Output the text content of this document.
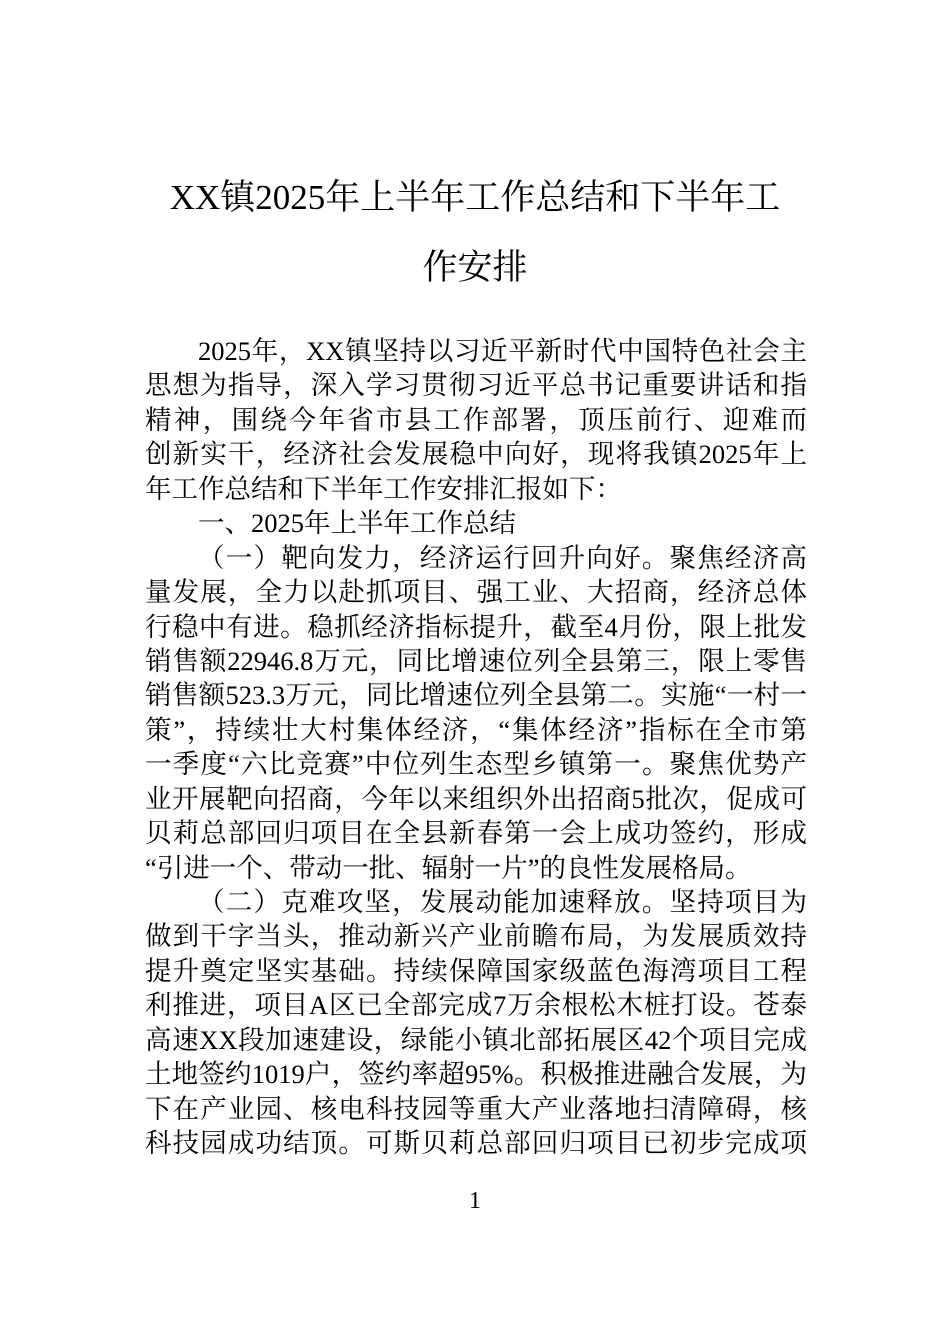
XX镇2025年上半年工作总结和下半年工
作安排
2025年，XX镇坚持以习近平新时代中国特色社会主
思想为指导，深入学习贯彻习近平总书记重要讲话和指
精神，围绕今年省市县工作部署，顶压前行、迎难而
创新实干，经济社会发展稳中向好，现将我镇2025年上
年工作总结和下半年工作安排汇报如下：
一、2025年上半年工作总结
（一）靶向发力，经济运行回升向好。聚焦经济高
量发展，全力以赴抓项目、强工业、大招商，经济总体
行稳中有进。稳抓经济指标提升，截至4月份，限上批发
销售额22946.8万元，同比增速位列全县第三，限上零售
销售额523.3万元，同比增速位列全县第二。实施“一村一
策”，持续壮大村集体经济，“集体经济”指标在全市第
一季度“六比竞赛”中位列生态型乡镇第一。聚焦优势产
业开展靶向招商，今年以来组织外出招商5批次，促成可
贝莉总部回归项目在全县新春第一会上成功签约，形成
“引进一个、带动一批、辐射一片”的良性发展格局。
（二）克难攻坚，发展动能加速释放。坚持项目为
做到干字当头，推动新兴产业前瞻布局，为发展质效持
提升奠定坚实基础。持续保障国家级蓝色海湾项目工程
利推进，项目A区已全部完成7万余根松木桩打设。苍泰
高速XX段加速建设，绿能小镇北部拓展区42个项目完成
土地签约1019户，签约率超95%。积极推进融合发展，为
下在产业园、核电科技园等重大产业落地扫清障碍，核
科技园成功结顶。可斯贝莉总部回归项目已初步完成项
1
